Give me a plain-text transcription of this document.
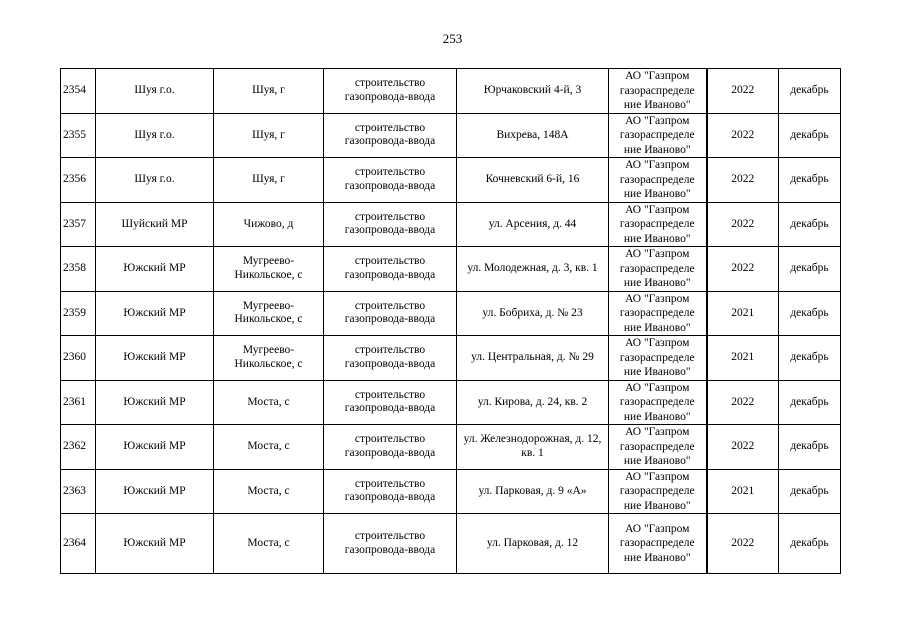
253
2354	Шуя г.о.	Шуя, г	строительство газопровода-ввода	Юрчаковский 4-й, 3	АО "Газпром газораспределе ние Иваново"	2022	декабрь
2355	Шуя г.о.	Шуя, г	строительство газопровода-ввода	Вихрева, 148А	АО "Газпром газораспределе ние Иваново"	2022	декабрь
2356	Шуя г.о.	Шуя, г	строительство газопровода-ввода	Кочневский 6-й, 16	АО "Газпром газораспределе ние Иваново"	2022	декабрь
2357	Шуйский МР	Чижово, д	строительство газопровода-ввода	ул. Арсения, д. 44	АО "Газпром газораспределе ние Иваново"	2022	декабрь
2358	Южский МР	Мугреево-Никольское, с	строительство газопровода-ввода	ул. Молодежная, д. 3, кв. 1	АО "Газпром газораспределе ние Иваново"	2022	декабрь
2359	Южский МР	Мугреево-Никольское, с	строительство газопровода-ввода	ул. Бобриха, д. № 23	АО "Газпром газораспределе ние Иваново"	2021	декабрь
2360	Южский МР	Мугреево-Никольское, с	строительство газопровода-ввода	ул. Центральная, д. № 29	АО "Газпром газораспределе ние Иваново"	2021	декабрь
2361	Южский МР	Моста, с	строительство газопровода-ввода	ул. Кирова, д. 24, кв. 2	АО "Газпром газораспределе ние Иваново"	2022	декабрь
2362	Южский МР	Моста, с	строительство газопровода-ввода	ул. Железнодорожная, д. 12, кв. 1	АО "Газпром газораспределе ние Иваново"	2022	декабрь
2363	Южский МР	Моста, с	строительство газопровода-ввода	ул. Парковая, д. 9 «А»	АО "Газпром газораспределе ние Иваново"	2021	декабрь
2364	Южский МР	Моста, с	строительство газопровода-ввода	ул. Парковая, д. 12	АО "Газпром газораспределе ние Иваново"	2022	декабрь
